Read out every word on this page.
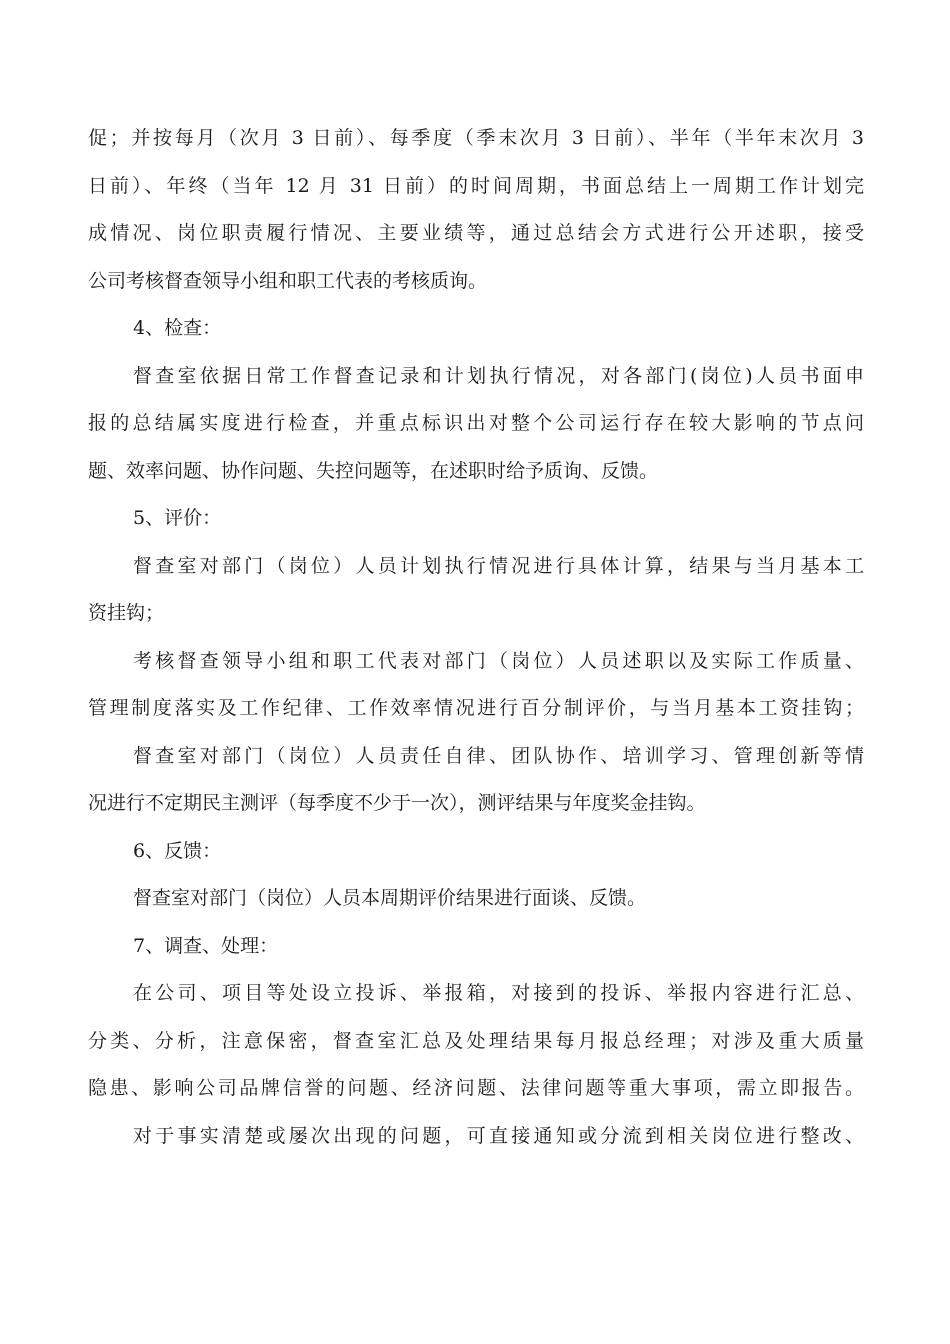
促；并按每月（次月 3 日前）、每季度（季末次月 3 日前）、半年（半年末次月 3
日前）、年终（当年 12 月 31 日前）的时间周期，书面总结上一周期工作计划完
成情况、岗位职责履行情况、主要业绩等，通过总结会方式进行公开述职，接受
公司考核督查领导小组和职工代表的考核质询。
4、检查：
督查室依据日常工作督查记录和计划执行情况，对各部门(岗位)人员书面申
报的总结属实度进行检查，并重点标识出对整个公司运行存在较大影响的节点问
题、效率问题、协作问题、失控问题等，在述职时给予质询、反馈。
5、评价：
督查室对部门（岗位）人员计划执行情况进行具体计算，结果与当月基本工
资挂钩；
考核督查领导小组和职工代表对部门（岗位）人员述职以及实际工作质量、
管理制度落实及工作纪律、工作效率情况进行百分制评价，与当月基本工资挂钩；
督查室对部门（岗位）人员责任自律、团队协作、培训学习、管理创新等情
况进行不定期民主测评（每季度不少于一次），测评结果与年度奖金挂钩。
6、反馈：
督查室对部门（岗位）人员本周期评价结果进行面谈、反馈。
7、调查、处理：
在公司、项目等处设立投诉、举报箱，对接到的投诉、举报内容进行汇总、
分类、分析，注意保密，督查室汇总及处理结果每月报总经理；对涉及重大质量
隐患、影响公司品牌信誉的问题、经济问题、法律问题等重大事项，需立即报告。
对于事实清楚或屡次出现的问题，可直接通知或分流到相关岗位进行整改、
